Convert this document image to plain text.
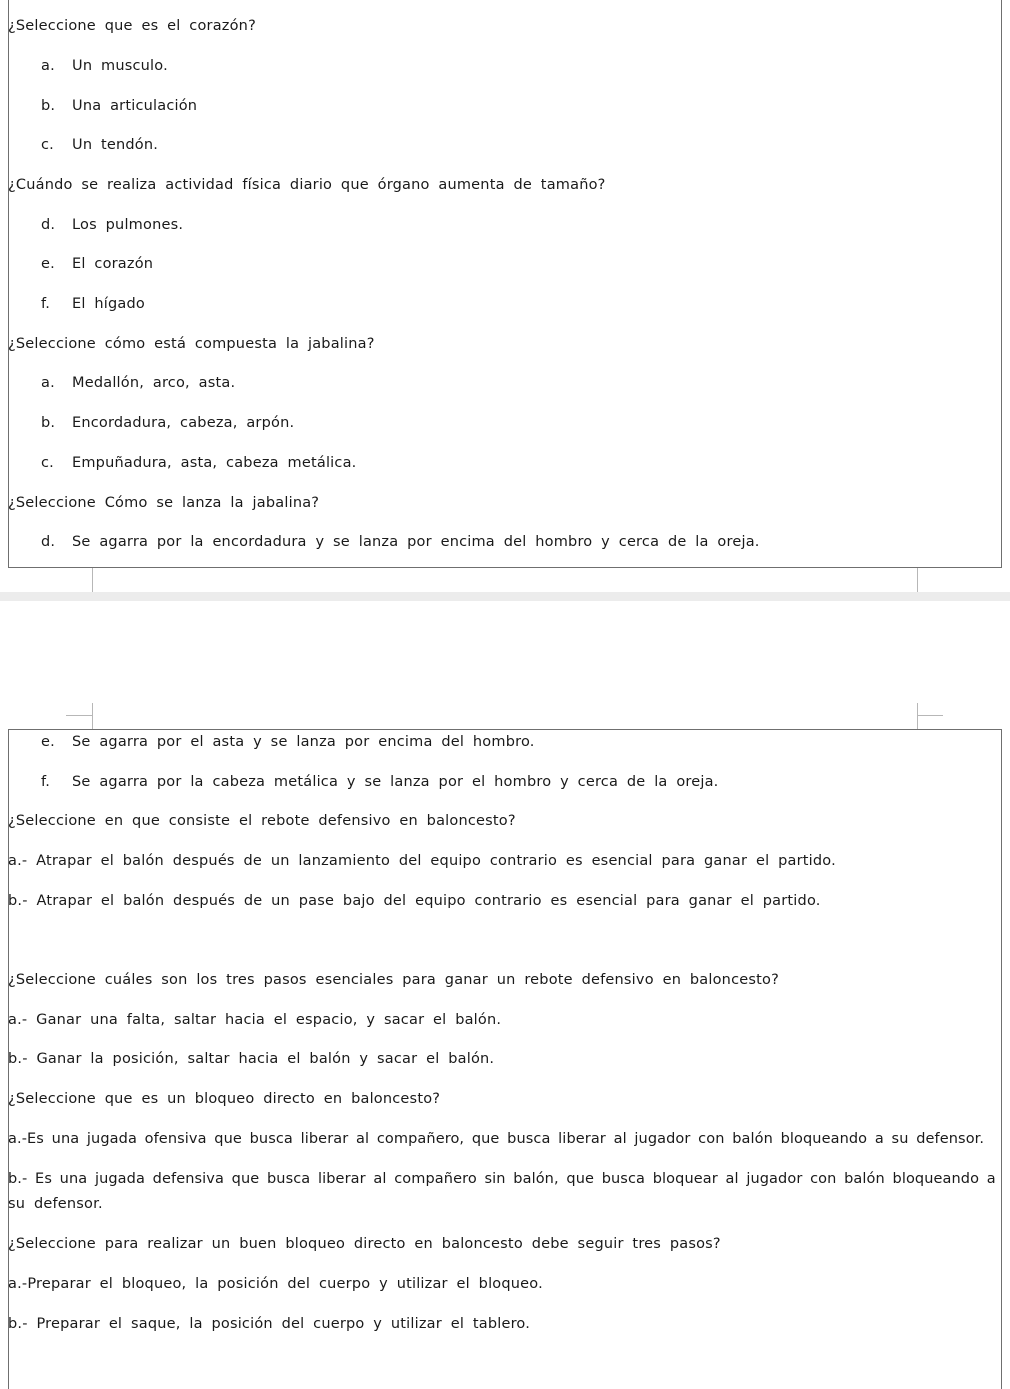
¿Seleccione que es el corazón?
a. Un musculo.
b. Una articulación
c. Un tendón.
¿Cuándo se realiza actividad física diario que órgano aumenta de tamaño?
d. Los pulmones.
e. El corazón
f. El hígado
¿Seleccione cómo está compuesta la jabalina?
a. Medallón, arco, asta.
b. Encordadura, cabeza, arpón.
c. Empuñadura, asta, cabeza metálica.
¿Seleccione Cómo se lanza la jabalina?
d. Se agarra por la encordadura y se lanza por encima del hombro y cerca de la oreja.
e. Se agarra por el asta y se lanza por encima del hombro.
f. Se agarra por la cabeza metálica y se lanza por el hombro y cerca de la oreja.
¿Seleccione en que consiste el rebote defensivo en baloncesto?
a.- Atrapar el balón después de un lanzamiento del equipo contrario es esencial para ganar el partido.
b.- Atrapar el balón después de un pase bajo del equipo contrario es esencial para ganar el partido.
¿Seleccione cuáles son los tres pasos esenciales para ganar un rebote defensivo en baloncesto?
a.- Ganar una falta, saltar hacia el espacio, y sacar el balón.
b.- Ganar la posición, saltar hacia el balón y sacar el balón.
¿Seleccione que es un bloqueo directo en baloncesto?
a.-Es una jugada ofensiva que busca liberar al compañero, que busca liberar al jugador con balón bloqueando a su defensor.
b.- Es una jugada defensiva que busca liberar al compañero sin balón, que busca bloquear al jugador con balón bloqueando a
su defensor.
¿Seleccione para realizar un buen bloqueo directo en baloncesto debe seguir tres pasos?
a.-Preparar el bloqueo, la posición del cuerpo y utilizar el bloqueo.
b.- Preparar el saque, la posición del cuerpo y utilizar el tablero.
